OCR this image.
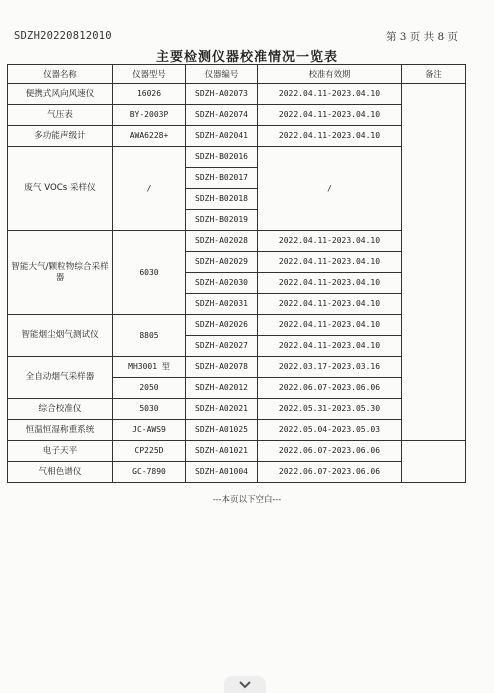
SDZH20220812010	第 3 页 共 8 页
主要检测仪器校准情况一览表
仪器名称	仪器型号	仪器编号	校准有效期	备注
便携式风向风速仪	16026	SDZH-A02073	2022.04.11-2023.04.10	
气压表	BY-2003P	SDZH-A02074	2022.04.11-2023.04.10	
多功能声级计	AWA6228+	SDZH-A02041	2022.04.11-2023.04.10	
废气 VOCs 采样仪	/	SDZH-B02016	/	
		SDZH-B02017		
		SDZH-B02018		
		SDZH-B02019		
智能大气/颗粒物综合采样器	6030	SDZH-A02028	2022.04.11-2023.04.10	
		SDZH-A02029	2022.04.11-2023.04.10	
		SDZH-A02030	2022.04.11-2023.04.10	
		SDZH-A02031	2022.04.11-2023.04.10	
智能烟尘烟气测试仪	8805	SDZH-A02026	2022.04.11-2023.04.10	
		SDZH-A02027	2022.04.11-2023.04.10	
全自动烟气采样器	MH3001 型	SDZH-A02078	2022.03.17-2023.03.16	
	2050	SDZH-A02012	2022.06.07-2023.06.06	
综合校准仪	5030	SDZH-A02021	2022.05.31-2023.05.30	
恒温恒湿称重系统	JC-AWS9	SDZH-A01025	2022.05.04-2023.05.03	
电子天平	CP225D	SDZH-A01021	2022.06.07-2023.06.06	
气相色谱仪	GC-7890	SDZH-A01004	2022.06.07-2023.06.06	
---本页以下空白---
